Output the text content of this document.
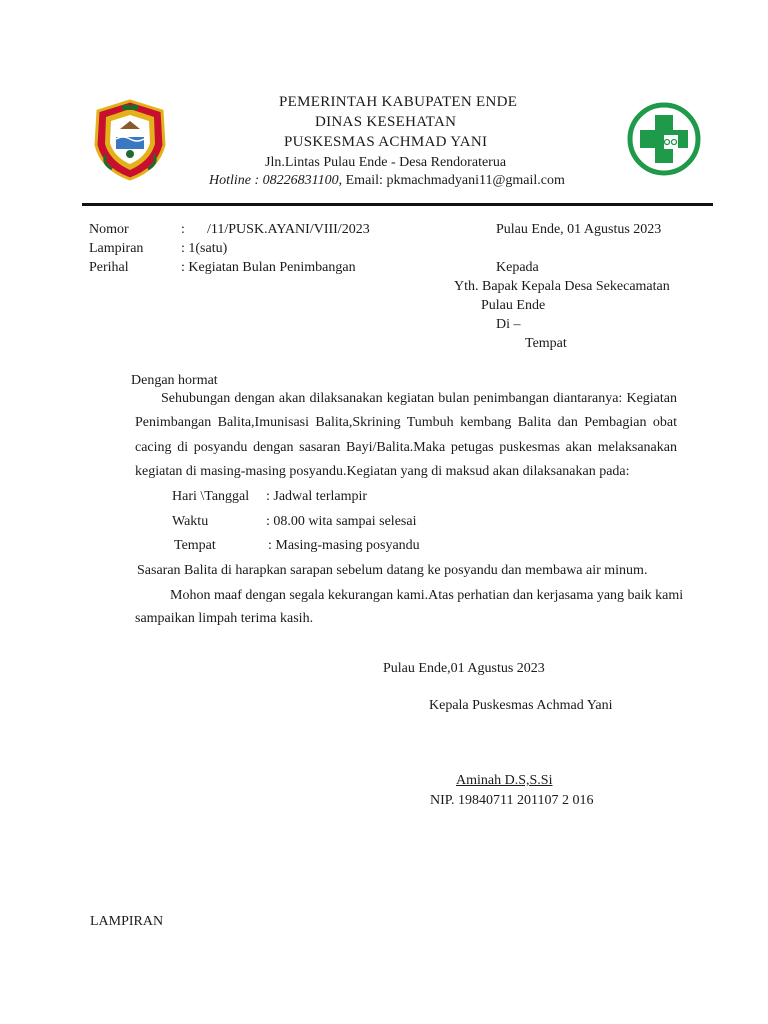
PEMERINTAH KABUPATEN ENDE
DINAS KESEHATAN
PUSKESMAS ACHMAD YANI
Jln.Lintas Pulau Ende - Desa Rendoraterua
Hotline : 08226831100, Email: pkmachmadyani11@gmail.com
Nomor	: /11/PUSK.AYANI/VIII/2023	Pulau Ende, 01 Agustus 2023
Lampiran	: 1(satu)
Perihal	: Kegiatan Bulan Penimbangan	Kepada
Yth. Bapak Kepala Desa Sekecamatan
Pulau Ende
Di –
Tempat
Dengan hormat
Sehubungan dengan akan dilaksanakan kegiatan bulan penimbangan diantaranya: Kegiatan
Penimbangan Balita,Imunisasi Balita,Skrining Tumbuh kembang Balita dan Pembagian obat
cacing di posyandu dengan sasaran Bayi/Balita.Maka petugas puskesmas akan melaksanakan
kegiatan di masing-masing posyandu.Kegiatan yang di maksud akan dilaksanakan pada:
Hari \Tanggal : Jadwal terlampir
Waktu	: 08.00 wita sampai selesai
Tempat	: Masing-masing posyandu
Sasaran Balita di harapkan sarapan sebelum datang ke posyandu dan membawa air minum.
Mohon maaf dengan segala kekurangan kami.Atas perhatian dan kerjasama yang baik kami
sampaikan limpah terima kasih.
Pulau Ende,01 Agustus 2023
Kepala Puskesmas Achmad Yani
Aminah D.S,S.Si
NIP. 19840711 201107 2 016
LAMPIRAN
